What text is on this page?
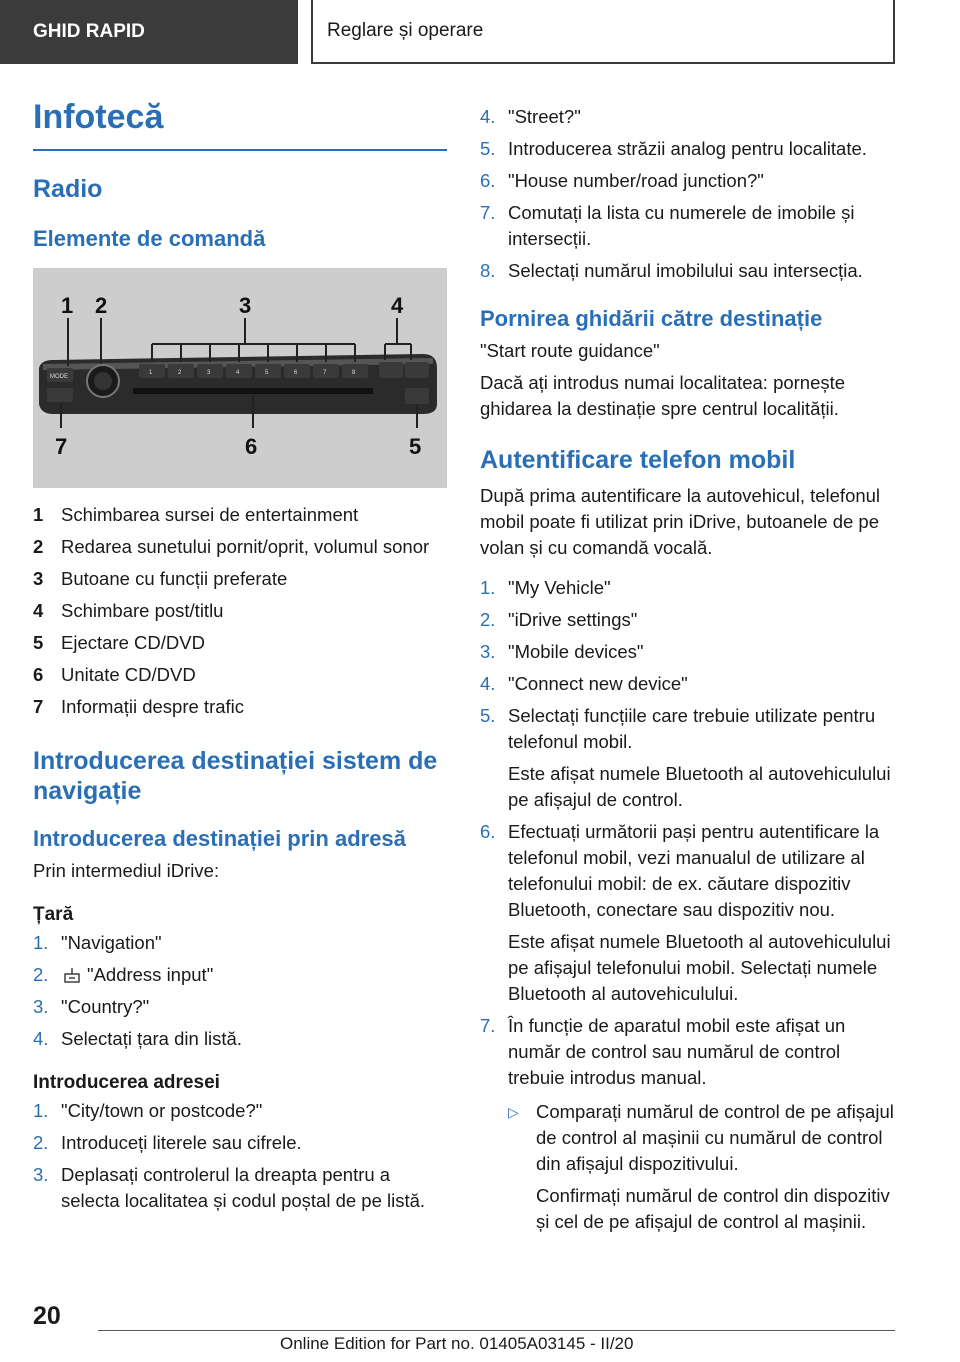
GHID RAPID	Reglare și operare
Infotecă
Radio
Elemente de comandă
MODE
1	2	3	4	5	6	7	8
1 2	3	4
7	6	5
1 Schimbarea sursei de entertainment
2 Redarea sunetului pornit/oprit, volumul sonor
3 Butoane cu funcții preferate
4 Schimbare post/titlu
5 Ejectare CD/DVD
6 Unitate CD/DVD
7 Informații despre trafic
Introducerea destinației sistem de navigație
Introducerea destinației prin adresă

Prin intermediul iDrive:

Țară
1. "Navigation"
2.	"Address input"
3. "Country?"
4. Selectați țara din listă.
Introducerea adresei
1. "City/town or postcode?"
2. Introduceți literele sau cifrele.
3. Deplasați controlerul la dreapta pentru a selecta localitatea și codul poștal de pe listă.
4. "Street?"
5. Introducerea străzii analog pentru localitate.
6. "House number/road junction?"
7. Comutați la lista cu numerele de imobile și intersecții.
8. Selectați numărul imobilului sau intersecția.
Pornirea ghidării către destinație

"Start route guidance"

Dacă ați introdus numai localitatea: pornește ghidarea la destinație spre centrul localității.

Autentificare telefon mobil

După prima autentificare la autovehicul, telefonul mobil poate fi utilizat prin iDrive, butoanele de pe volan și cu comandă vocală.

1. "My Vehicle"
2. "iDrive settings"
3. "Mobile devices"
4. "Connect new device"
5. Selectați funcțiile care trebuie utilizate pentru telefonul mobil.
Este afișat numele Bluetooth al autovehiculului pe afișajul de control.
6. Efectuați următorii pași pentru autentificare la telefonul mobil, vezi manualul de utilizare al telefonului mobil: de ex. căutare dispozitiv Bluetooth, conectare sau dispozitiv nou.
Este afișat numele Bluetooth al autovehiculului pe afișajul telefonului mobil. Selectați numele Bluetooth al autovehiculului.
7. În funcție de aparatul mobil este afișat un număr de control sau numărul de control trebuie introdus manual.
▷ Comparați numărul de control de pe afișajul de control al mașinii cu numărul de control din afișajul dispozitivului.
Confirmați numărul de control din dispozitiv și cel de pe afișajul de control al mașinii.
20
Online Edition for Part no. 01405A03145 - II/20
